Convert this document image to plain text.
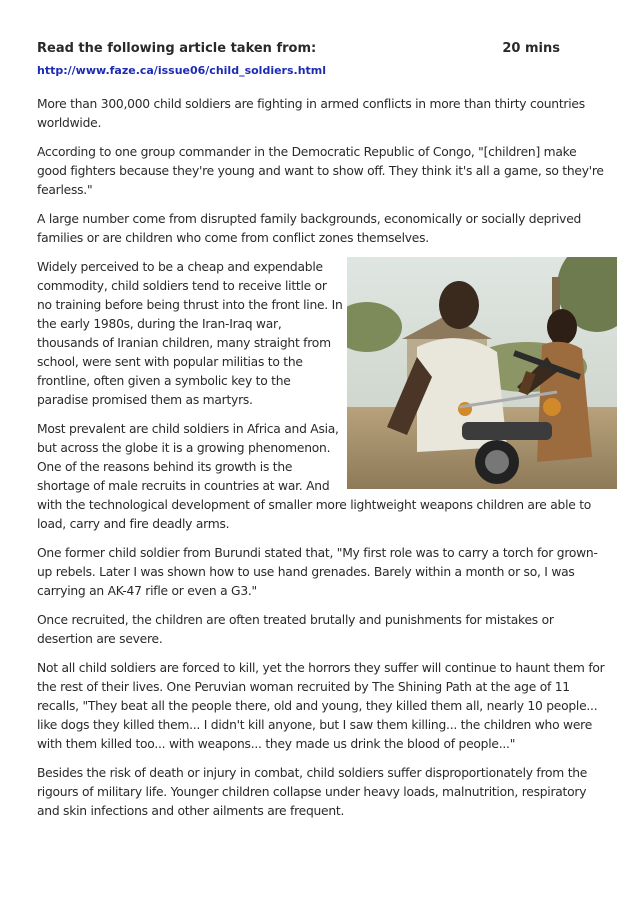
Read the following article taken from:	20 mins
http://www.faze.ca/issue06/child_soldiers.html

More than 300,000 child soldiers are fighting in armed conflicts in more than thirty countries worldwide.

According to one group commander in the Democratic Republic of Congo, "[children] make good fighters because they're young and want to show off. They think it's all a game, so they're fearless."

A large number come from disrupted family backgrounds, economically or socially deprived families or are children who come from conflict zones themselves.

Widely perceived to be a cheap and expendable commodity, child soldiers tend to receive little or no training before being thrust into the front line. In the early 1980s, during the Iran-Iraq war, thousands of Iranian children, many straight from school, were sent with popular militias to the frontline, often given a symbolic key to the paradise promised them as martyrs.

Most prevalent are child soldiers in Africa and Asia, but across the globe it is a growing phenomenon. One of the reasons behind its growth is the shortage of male recruits in countries at war. And with the technological development of smaller more lightweight weapons children are able to load, carry and fire deadly arms.

One former child soldier from Burundi stated that, "My first role was to carry a torch for grown-up rebels. Later I was shown how to use hand grenades. Barely within a month or so, I was carrying an AK-47 rifle or even a G3."

Once recruited, the children are often treated brutally and punishments for mistakes or desertion are severe.

Not all child soldiers are forced to kill, yet the horrors they suffer will continue to haunt them for the rest of their lives. One Peruvian woman recruited by The Shining Path at the age of 11 recalls, "They beat all the people there, old and young, they killed them all, nearly 10 people... like dogs they killed them... I didn't kill anyone, but I saw them killing... the children who were with them killed too... with weapons... they made us drink the blood of people..."

Besides the risk of death or injury in combat, child soldiers suffer disproportionately from the rigours of military life. Younger children collapse under heavy loads, malnutrition, respiratory and skin infections and other ailments are frequent.
